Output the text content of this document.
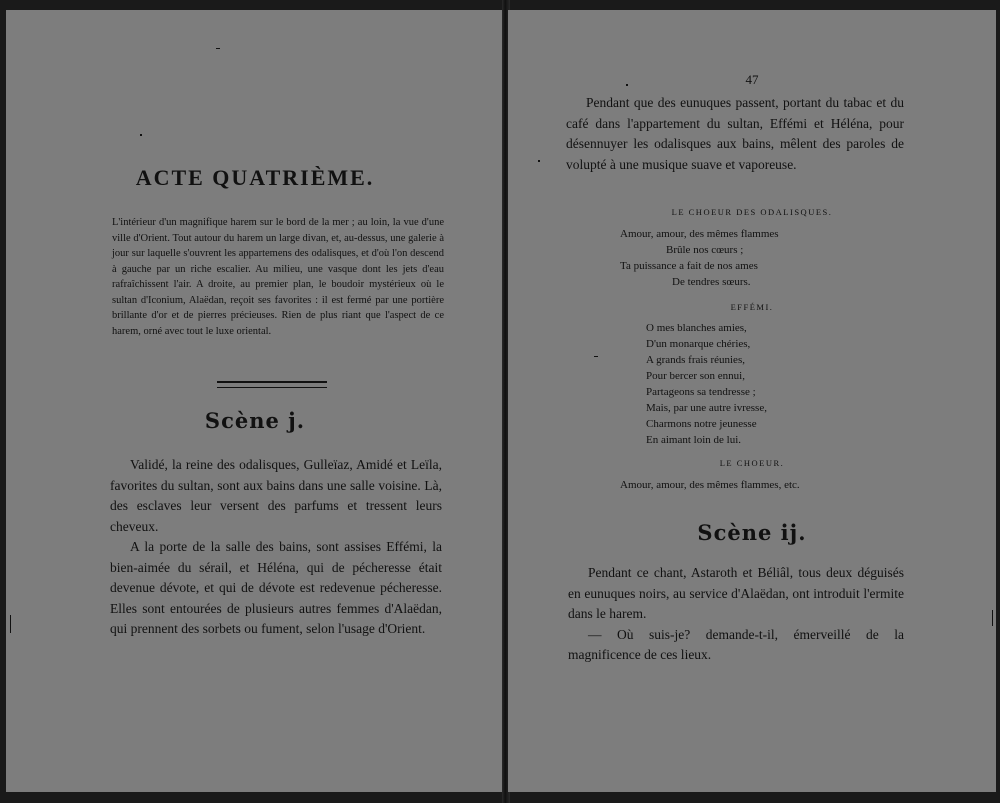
ACTE QUATRIÈME.
L'intérieur d'un magnifique harem sur le bord de la mer ; au loin, la vue d'une ville d'Orient. Tout autour du harem un large divan, et, au-dessus, une galerie à jour sur laquelle s'ouvrent les appartemens des odalisques, et d'où l'on descend à gauche par un riche escalier. Au milieu, une vasque dont les jets d'eau rafraîchissent l'air. A droite, au premier plan, le boudoir mystérieux où le sultan d'Iconium, Alaëdan, reçoit ses favorites : il est fermé par une portière brillante d'or et de pierres précieuses. Rien de plus riant que l'aspect de ce harem, orné avec tout le luxe oriental.
Scène j.

Validé, la reine des odalisques, Gulleïaz, Amidé et Leïla, favorites du sultan, sont aux bains dans une salle voisine. Là, des esclaves leur versent des parfums et tressent leurs cheveux.

A la porte de la salle des bains, sont assises Effémi, la bien-aimée du sérail, et Héléna, qui de pécheresse était devenue dévote, et qui de dévote est redevenue pécheresse. Elles sont entourées de plusieurs autres femmes d'Alaëdan, qui prennent des sorbets ou fument, selon l'usage d'Orient.

47

Pendant que des eunuques passent, portant du tabac et du café dans l'appartement du sultan, Effémi et Héléna, pour désennuyer les odalisques aux bains, mêlent des paroles de volupté à une musique suave et vaporeuse.

LE CHOEUR DES ODALISQUES.
Amour, amour, des mêmes flammes
Brûle nos cœurs ;
Ta puissance a fait de nos ames
De tendres sœurs.
EFFÉMI.
O mes blanches amies,
D'un monarque chéries,
A grands frais réunies,
Pour bercer son ennui,
Partageons sa tendresse ;
Mais, par une autre ivresse,
Charmons notre jeunesse
En aimant loin de lui.
LE CHOEUR.
Amour, amour, des mêmes flammes, etc.
Scène ij.

Pendant ce chant, Astaroth et Béliâl, tous deux déguisés en eunuques noirs, au service d'Alaëdan, ont introduit l'ermite dans le harem.

— Où suis-je? demande-t-il, émerveillé de la magnificence de ces lieux.
